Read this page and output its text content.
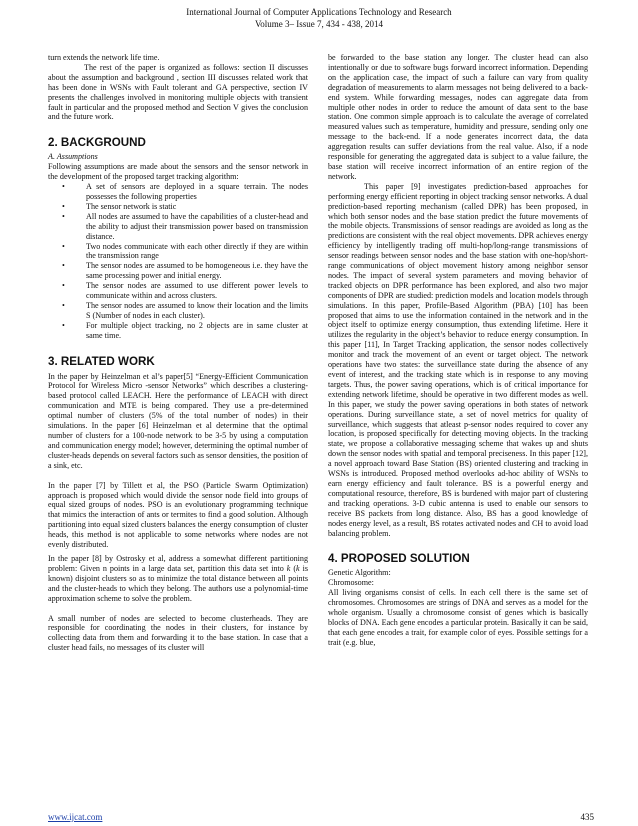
International Journal of Computer Applications Technology and Research
Volume 3– Issue 7, 434 - 438, 2014

turn extends the network life time.

The rest of the paper is organized as follows: section II discusses about the assumption and background , section III discusses related work that has been done in WSNs with Fault tolerant and GA perspective, section IV presents the challenges involved in monitoring multiple objects with transient fault in particular and the proposed method and Section V gives the conclusion and the future work.

2. BACKGROUND

A. Assumptions

Following assumptions are made about the sensors and the sensor network in the development of the proposed target tracking algorithm:

•	A set of sensors are deployed in a square terrain. The nodes possesses the following properties
•	The sensor network is static
•	All nodes are assumed to have the capabilities of a cluster-head and the ability to adjust their transmission power based on transmission distance.
•	Two nodes communicate with each other directly if they are within the transmission range
•	The sensor nodes are assumed to be homogeneous i.e. they have the same processing power and initial energy.
•	The sensor nodes are assumed to use different power levels to communicate within and across clusters.
•	The sensor nodes are assumed to know their location and the limits S (Number of nodes in each cluster).
•	For multiple object tracking, no 2 objects are in same cluster at same time.
3. RELATED WORK

In the paper by Heinzelman et al’s paper[5] “Energy-Efficient Communication Protocol for Wireless Micro -sensor Networks” which describes a clustering-based protocol called LEACH. Here the performance of LEACH with direct communication and MTE is being compared. They use a pre-determined optimal number of clusters (5% of the total number of nodes) in their simulations. In the paper [6] Heinzelman et al determine that the optimal number of clusters for a 100-node network to be 3-5 by using a computation and communication energy model; however, determining the optimal number of cluster-heads depends on several factors such as sensor densities, the position of a sink, etc.

In the paper [7] by Tillett et al, the PSO (Particle Swarm Optimization) approach is proposed which would divide the sensor node field into groups of equal sized groups of nodes. PSO is an evolutionary programming technique that mimics the interaction of ants or termites to find a good solution. Although partitioning into equal sized clusters balances the energy consumption of cluster heads, this method is not applicable to some networks where nodes are not evenly distributed.

In the paper [8] by Ostrosky et al, address a somewhat different partitioning problem: Given n points in a large data set, partition this data set into k (k is known) disjoint clusters so as to minimize the total distance between all points and the cluster-heads to which they belong. The authors use a polynomial-time approximation scheme to solve the problem.

A small number of nodes are selected to become clusterheads. They are responsible for coordinating the nodes in their clusters, for instance by collecting data from them and forwarding it to the base station. In case that a cluster head fails, no messages of its cluster will

be forwarded to the base station any longer. The cluster head can also intentionally or due to software bugs forward incorrect information. Depending on the application case, the impact of such a failure can vary from quality degradation of measurements to alarm messages not being delivered to a back-end system. While forwarding messages, nodes can aggregate data from multiple other nodes in order to reduce the amount of data sent to the base station. One common simple approach is to calculate the average of correlated measured values such as temperature, humidity and pressure, sending only one message to the back-end. If a node generates incorrect data, the data aggregation results can suffer deviations from the real value. Also, if a node responsible for generating the aggregated data is subject to a value failure, the base station will receive incorrect information of an entire region of the network.

This paper [9] investigates prediction-based approaches for performing energy efficient reporting in object tracking sensor networks. A dual prediction-based reporting mechanism (called DPR) has been proposed, in which both sensor nodes and the base station predict the future movements of the mobile objects. Transmissions of sensor readings are avoided as long as the predictions are consistent with the real object movements. DPR achieves energy efficiency by intelligently trading off multi-hop/long-range transmissions of sensor readings between sensor nodes and the base station with one-hop/short-range communications of object movement history among neighbor sensor nodes. The impact of several system parameters and moving behavior of tracked objects on DPR performance has been explored, and also two major components of DPR are studied: prediction models and location models through simulations. In this paper, Profile-Based Algorithm (PBA) [10] has been proposed that aims to use the information contained in the network and in the object itself to optimize energy consumption, thus extending lifetime. Here it utilizes the regularity in the object’s behavior to reduce energy consumption. In this paper [11], In Target Tracking application, the sensor nodes collectively monitor and track the movement of an event or target object. The network operations have two states: the surveillance state during the absence of any event of interest, and the tracking state which is in response to any moving targets. Thus, the power saving operations, which is of critical importance for extending network lifetime, should be operative in two different modes as well. In this paper, we study the power saving operations in both states of network operations. During surveillance state, a set of novel metrics for quality of surveillance, which suggests that atleast p-sensor nodes required to cover any location, is proposed specifically for detecting moving objects. In the tracking state, we propose a collaborative messaging scheme that wakes up and shuts down the sensor nodes with spatial and temporal preciseness. In this paper [12], a novel approach toward Base Station (BS) oriented clustering and tracking in WSNs is introduced. Proposed method overlooks ad-hoc ability of WSNs to earn energy efficiency and fault tolerance. BS is a powerful energy and computational resource, therefore, BS is burdened with major part of clustering and tracking operations. 3-D cubic antenna is used to enable our sensors to receive BS packets from long distance. Also, BS has a good knowledge of nodes energy level, as a result, BS rotates activated nodes and CH to avoid load balancing problem.

4. PROPOSED SOLUTION

Genetic Algorithm:

Chromosome:

All living organisms consist of cells. In each cell there is the same set of chromosomes. Chromosomes are strings of DNA and serves as a model for the whole organism. Usually a chromosome consist of genes which is basically blocks of DNA. Each gene encodes a particular protein. Basically it can be said, that each gene encodes a trait, for example color of eyes. Possible settings for a trait (e.g. blue,

www.ijcat.com	435
